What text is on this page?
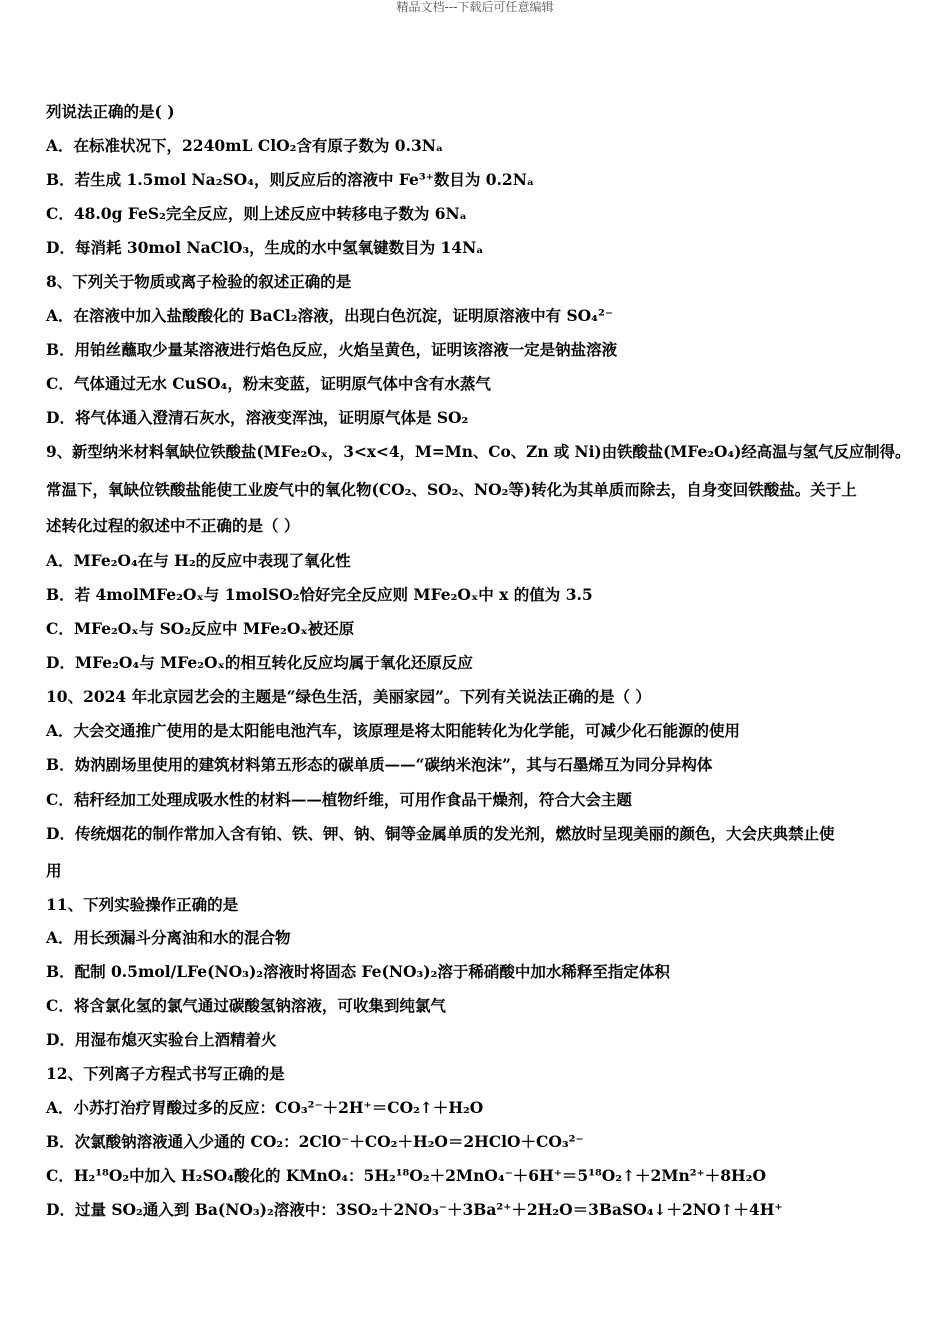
精品文档---下载后可任意编辑
列说法正确的是( )
A．在标准状况下，2240mL ClO₂含有原子数为 0.3Nₐ
B．若生成 1.5mol Na₂SO₄，则反应后的溶液中 Fe³⁺数目为 0.2Nₐ
C．48.0g FeS₂完全反应，则上述反应中转移电子数为 6Nₐ
D．每消耗 30mol NaClO₃，生成的水中氢氧键数目为 14Nₐ
8、下列关于物质或离子检验的叙述正确的是
A．在溶液中加入盐酸酸化的 BaCl₂溶液，出现白色沉淀，证明原溶液中有 SO₄²⁻
B．用铂丝蘸取少量某溶液进行焰色反应，火焰呈黄色，证明该溶液一定是钠盐溶液
C．气体通过无水 CuSO₄，粉末变蓝，证明原气体中含有水蒸气
D．将气体通入澄清石灰水，溶液变浑浊，证明原气体是 SO₂
9、新型纳米材料氧缺位铁酸盐(MFe₂Oₓ，3<x<4，M=Mn、Co、Zn 或 Ni)由铁酸盐(MFe₂O₄)经高温与氢气反应制得。
常温下，氧缺位铁酸盐能使工业废气中的氧化物(CO₂、SO₂、NO₂等)转化为其单质而除去，自身变回铁酸盐。关于上
述转化过程的叙述中不正确的是（ ）
A．MFe₂O₄在与 H₂的反应中表现了氧化性
B．若 4molMFe₂Oₓ与 1molSO₂恰好完全反应则 MFe₂Oₓ中 x 的值为 3.5
C．MFe₂Oₓ与 SO₂反应中 MFe₂Oₓ被还原
D．MFe₂O₄与 MFe₂Oₓ的相互转化反应均属于氧化还原反应
10、2024 年北京园艺会的主题是“绿色生活，美丽家园”。下列有关说法正确的是（ ）
A．大会交通推广使用的是太阳能电池汽车，该原理是将太阳能转化为化学能，可减少化石能源的使用
B．妫汭剧场里使用的建筑材料第五形态的碳单质——“碳纳米泡沫”，其与石墨烯互为同分异构体
C．秸秆经加工处理成吸水性的材料——植物纤维，可用作食品干燥剂，符合大会主题
D．传统烟花的制作常加入含有铂、铁、钾、钠、铜等金属单质的发光剂，燃放时呈现美丽的颜色，大会庆典禁止使
用
11、下列实验操作正确的是
A．用长颈漏斗分离油和水的混合物
B．配制 0.5mol/LFe(NO₃)₂溶液时将固态 Fe(NO₃)₂溶于稀硝酸中加水稀释至指定体积
C．将含氯化氢的氯气通过碳酸氢钠溶液，可收集到纯氯气
D．用湿布熄灭实验台上酒精着火
12、下列离子方程式书写正确的是
A．小苏打治疗胃酸过多的反应：CO₃²⁻＋2H⁺＝CO₂↑＋H₂O
B．次氯酸钠溶液通入少通的 CO₂：2ClO⁻＋CO₂＋H₂O＝2HClO＋CO₃²⁻
C．H₂¹⁸O₂中加入 H₂SO₄酸化的 KMnO₄：5H₂¹⁸O₂＋2MnO₄⁻＋6H⁺＝5¹⁸O₂↑＋2Mn²⁺＋8H₂O
D．过量 SO₂通入到 Ba(NO₃)₂溶液中：3SO₂＋2NO₃⁻＋3Ba²⁺＋2H₂O＝3BaSO₄↓＋2NO↑＋4H⁺
